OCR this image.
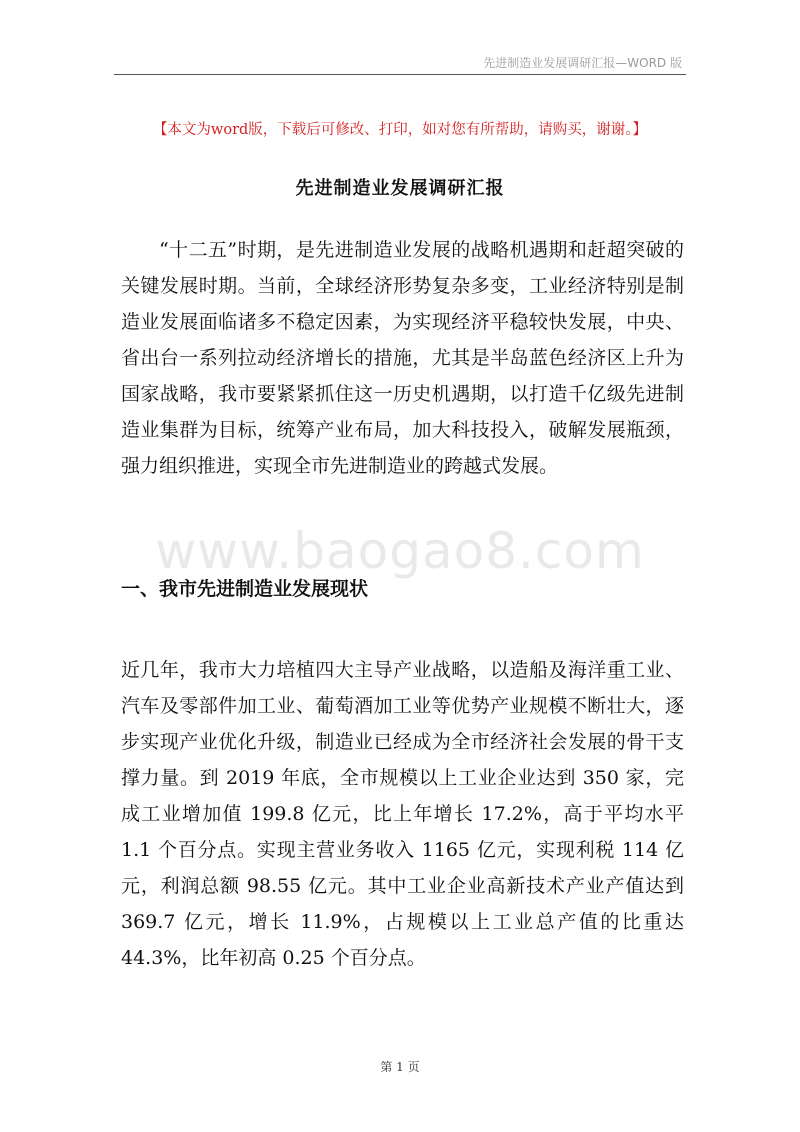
先进制造业发展调研汇报—WORD 版
【本文为word版，下载后可修改、打印，如对您有所帮助，请购买，谢谢。】
先进制造业发展调研汇报

“十二五”时期，是先进制造业发展的战略机遇期和赶超突破的关键发展时期。当前，全球经济形势复杂多变，工业经济特别是制造业发展面临诸多不稳定因素，为实现经济平稳较快发展，中央、省出台一系列拉动经济增长的措施，尤其是半岛蓝色经济区上升为国家战略，我市要紧紧抓住这一历史机遇期，以打造千亿级先进制造业集群为目标，统筹产业布局，加大科技投入，破解发展瓶颈，强力组织推进，实现全市先进制造业的跨越式发展。

www.baogao8.com
一、我市先进制造业发展现状

近几年，我市大力培植四大主导产业战略，以造船及海洋重工业、汽车及零部件加工业、葡萄酒加工业等优势产业规模不断壮大，逐步实现产业优化升级，制造业已经成为全市经济社会发展的骨干支撑力量。到 2019 年底，全市规模以上工业企业达到 350 家，完成工业增加值 199.8 亿元，比上年增长 17.2%，高于平均水平 1.1 个百分点。实现主营业务收入 1165 亿元，实现利税 114 亿元，利润总额 98.55 亿元。其中工业企业高新技术产业产值达到 369.7 亿元，增长 11.9%，占规模以上工业总产值的比重达 44.3%，比年初高 0.25 个百分点。

第 1 页
